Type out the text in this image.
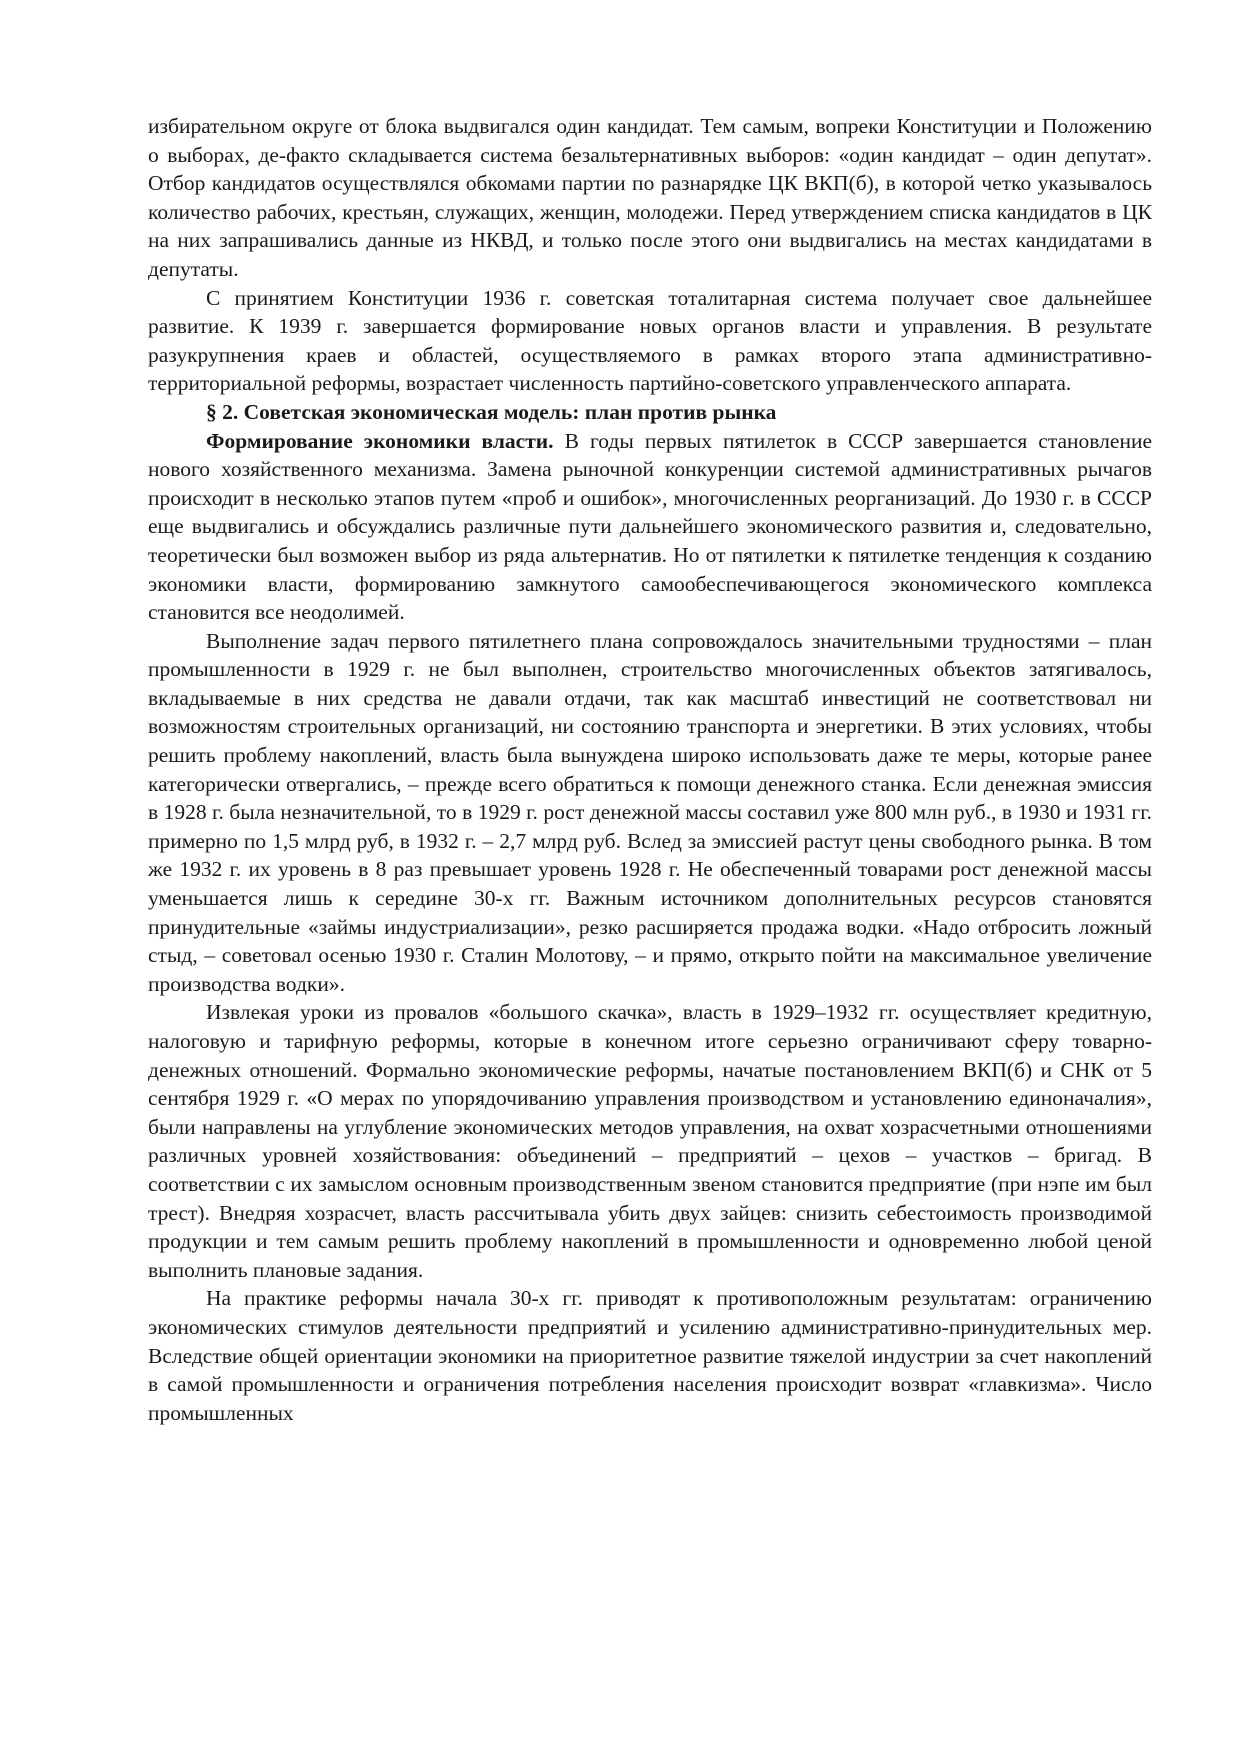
избирательном округе от блока выдвигался один кандидат. Тем самым, вопреки Конституции и Положению о выборах, де-факто складывается система безальтернативных выборов: «один кандидат – один депутат». Отбор кандидатов осуществлялся обкомами партии по разнарядке ЦК ВКП(б), в которой четко указывалось количество рабочих, крестьян, служащих, женщин, молодежи. Перед утверждением списка кандидатов в ЦК на них запрашивались данные из НКВД, и только после этого они выдвигались на местах кандидатами в депутаты.

С принятием Конституции 1936 г. советская тоталитарная система получает свое дальнейшее развитие. К 1939 г. завершается формирование новых органов власти и управления. В результате разукрупнения краев и областей, осуществляемого в рамках второго этапа административно-территориальной реформы, возрастает численность партийно-советского управленческого аппарата.

§ 2. Советская экономическая модель: план против рынка

Формирование экономики власти. В годы первых пятилеток в СССР завершается становление нового хозяйственного механизма. Замена рыночной конкуренции системой административных рычагов происходит в несколько этапов путем «проб и ошибок», многочисленных реорганизаций. До 1930 г. в СССР еще выдвигались и обсуждались различные пути дальнейшего экономического развития и, следовательно, теоретически был возможен выбор из ряда альтернатив. Но от пятилетки к пятилетке тенденция к созданию экономики власти, формированию замкнутого самообеспечивающегося экономического комплекса становится все неодолимей.

Выполнение задач первого пятилетнего плана сопровождалось значительными трудностями – план промышленности в 1929 г. не был выполнен, строительство многочисленных объектов затягивалось, вкладываемые в них средства не давали отдачи, так как масштаб инвестиций не соответствовал ни возможностям строительных организаций, ни состоянию транспорта и энергетики. В этих условиях, чтобы решить проблему накоплений, власть была вынуждена широко использовать даже те меры, которые ранее категорически отвергались, – прежде всего обратиться к помощи денежного станка. Если денежная эмиссия в 1928 г. была незначительной, то в 1929 г. рост денежной массы составил уже 800 млн руб., в 1930 и 1931 гг. примерно по 1,5 млрд руб, в 1932 г. – 2,7 млрд руб. Вслед за эмиссией растут цены свободного рынка. В том же 1932 г. их уровень в 8 раз превышает уровень 1928 г. Не обеспеченный товарами рост денежной массы уменьшается лишь к середине 30-х гг. Важным источником дополнительных ресурсов становятся принудительные «займы индустриализации», резко расширяется продажа водки. «Надо отбросить ложный стыд, – советовал осенью 1930 г. Сталин Молотову, – и прямо, открыто пойти на максимальное увеличение производства водки».

Извлекая уроки из провалов «большого скачка», власть в 1929–1932 гг. осуществляет кредитную, налоговую и тарифную реформы, которые в конечном итоге серьезно ограничивают сферу товарно-денежных отношений. Формально экономические реформы, начатые постановлением ВКП(б) и СНК от 5 сентября 1929 г. «О мерах по упорядочиванию управления производством и установлению единоначалия», были направлены на углубление экономических методов управления, на охват хозрасчетными отношениями различных уровней хозяйствования: объединений – предприятий – цехов – участков – бригад. В соответствии с их замыслом основным производственным звеном становится предприятие (при нэпе им был трест). Внедряя хозрасчет, власть рассчитывала убить двух зайцев: снизить себестоимость производимой продукции и тем самым решить проблему накоплений в промышленности и одновременно любой ценой выполнить плановые задания.

На практике реформы начала 30-х гг. приводят к противоположным результатам: ограничению экономических стимулов деятельности предприятий и усилению административно-принудительных мер. Вследствие общей ориентации экономики на приоритетное развитие тяжелой индустрии за счет накоплений в самой промышленности и ограничения потребления населения происходит возврат «главкизма». Число промышленных
